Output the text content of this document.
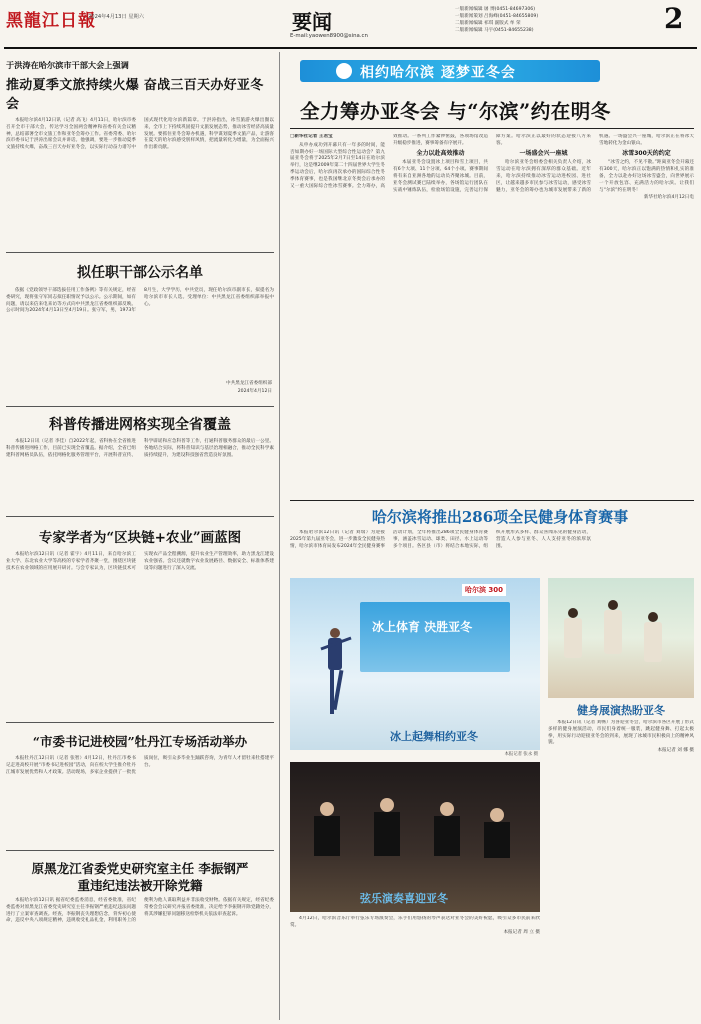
黑龍江日報
2024年4月13日 星期六	要闻
E-mail:yaowen8900@sina.cn
一版新闻编辑 屠 博(0451-84697306)
一版新闻策划 吕海峰(0451-84655809)
二版新闻编辑 祁琪 副版式 牟 荣
二版新闻编辑 马宇(0451-84655238)	2
于洪涛在哈尔滨市干部大会上强调
推动夏季文旅持续火爆 奋战三百天办好亚冬会

本报哈尔滨4月12日讯（记者 高飞）4月11日，哈尔滨市委召开全市干部大会，传达学习全国两会精神和省委有关会议精神，总结部署全市文旅工作和亚冬会筹办工作。省委常委、哈尔滨市委书记于洪涛出席会议并讲话。他强调，要进一步推动夏季文旅持续火爆，奋战三百天办好亚冬会，以实际行动奋力谱写中国式现代化哈尔滨新篇章。于洪涛指出，冰雪旅游火爆出圈以来，全市上下持续巩固提升文旅发展态势，推动冰雪经济高质量发展。要抓住亚冬会筹办机遇，科学谋划夏季文旅产品，让游客在夏天的哈尔滨感受别样风情，把流量转化为增量，为全面振兴作出新贡献。

拟任职干部公示名单

依据《党政领导干部选拔任用工作条例》等有关规定，经省委研究，现将张守军同志拟任职情况予以公示。公示期间，如有问题，请以来信来电来访等方式向中共黑龙江省委组织部反映。公示时间为2024年4月13日至4月19日。张守军，男，1973年8月生，大学学历，中共党员，现任哈尔滨市副市长，拟提名为哈尔滨市市长人选。受理单位：中共黑龙江省委组织部举报中心。

中共黑龙江省委组织部
2024年4月12日
科普传播进网格实现全省覆盖

本报12日讯（记者 李佳）自2022年起，省科协在全省推进科普传播进网格工作，目前已实现全省覆盖。据介绍，全省已组建科普网格员队伍，依托网格化服务管理平台，开展科普宣传、科学辟谣和应急科普等工作，打通科普服务群众的最后一公里。各地结合实际，将科普知识与基层治理相融合，推动全民科学素质持续提升，为建设科技强省营造良好氛围。

专家学者为“区块链+农业”画蓝图

本报哈尔滨12日讯（记者 霍宇）4月11日，来自哈尔滨工业大学、东北农业大学等高校的专家学者齐聚一堂，围绕区块链技术在农业领域的应用展开研讨。与会专家认为，区块链技术可实现农产品全程溯源，提升农业生产管理效率，助力黑龙江建设农业强省。会议还就数字农业发展路径、数据安全、标准体系建设等问题进行了深入交流。

“市委书记进校园”牡丹江专场活动举办

本报牡丹江12日讯（记者 张智）4月12日，牡丹江市委书记走进高校开展“市委书记进校园”活动，向在校大学生推介牡丹江城市发展优势和人才政策。活动现场，多家企业提供了一批优质岗位，吸引众多毕业生踊跃咨询，为青年人才留牡来牡搭建平台。

原黑龙江省委党史研究室主任 李振钢严重违纪违法被开除党籍

本报哈尔滨12日讯 据省纪委监委消息，经省委批准，省纪委监委对原黑龙江省委党史研究室主任李振钢严重违纪违法问题进行了立案审查调查。经查，李振钢丧失理想信念，背弃初心使命，违反中央八项规定精神，违规收受礼品礼金，利用职务上的便利为他人谋取利益并非法收受财物。依据有关规定，经省纪委常委会会议研究并报省委批准，决定给予李振钢开除党籍处分，将其涉嫌犯罪问题移送检察机关依法审查起诉。

相约哈尔滨 逐梦亚冬会
全力筹办亚冬会 与“尔滨”约在明冬

□新华社记者 王君宝

从申办成功到开幕只有一年多的时间，能否如期办好一场国际大型综合性运动会？第九届亚冬会将于2025年2月7日至14日在哈尔滨举行，这是继2009年第二十四届世界大学生冬季运动会后，哈尔滨再次承办的国际综合性冬季体育赛事，也是我国继北京冬奥会后承办的又一重大国际综合性冰雪赛事。全力筹办，高效推动。一系列工作紧锣密鼓，各项场馆改造升级稳步推进，赛事筹备有序展开。

全力以赴高效推动

本届亚冬会设置冰上项目和雪上项目，共有6个大项、11个分项、64个小项。赛事期间将有来自亚洲各地的运动员齐聚冰城。目前，亚冬会测试赛已陆续举办，各场馆运行团队在实战中锤炼队伍，检验场馆设施，完善运行保障方案。哈尔滨正以最好的状态迎接八方来客。

一场盛会兴一座城

哈尔滨亚冬会组委会相关负责人介绍，冰雪运动在哈尔滨拥有深厚的群众基础。近年来，哈尔滨持续推动冰雪运动进校园、进社区，让越来越多市民参与冰雪运动，感受冰雪魅力，亚冬会的筹办也为城市发展带来了新的机遇。一场盛会兴一座城，哈尔滨正在将冰天雪地转化为金山银山。

冰雪300天的约定

“冰雪之约，不见不散。”距离亚冬会开幕还有300天，哈尔滨正以饱满的热情和扎实的准备，全力以赴办好这场冰雪盛会，向世界展示一个开放包容、充满活力的哈尔滨。让我们与“尔滨”约在明冬！

新华社哈尔滨4月12日电

哈尔滨将推出286项全民健身体育赛事

本报哈尔滨12日讯（记者 刘瑞）为迎接2025年第九届亚冬会，进一步激发全民健身热情，哈尔滨市体育局发布2024年全民健身赛事活动计划，全年将推出286项全民健身体育赛事，涵盖冰雪运动、球类、田径、水上运动等多个项目。各区县（市）将结合本地实际，组织开展形式多样、群众喜闻乐见的健身活动，营造人人参与亚冬、人人支持亚冬的浓厚氛围。

冰上体育 决胜亚冬
哈尔滨 300
冰上起舞相约亚冬
本报记者 张永 摄
健身展演热盼亚冬

本报12日讯（记者 刘畅）为喜迎亚冬会，哈尔滨市各区开展了形式多样的健身展演活动，市民们身着统一服装，跳起健身舞、打起太极拳，用实际行动迎接亚冬会的到来，展现了冰城市民积极向上的精神风貌。

本报记者 刘 娜 摄

弦乐演奏喜迎亚冬

4月12日，哈尔滨音乐厅举行弦乐专场演奏会，乐手们用悠扬的琴声表达对亚冬会的美好祝愿，吸引众多市民前来欣赏。

本报记者 周 立 摄
